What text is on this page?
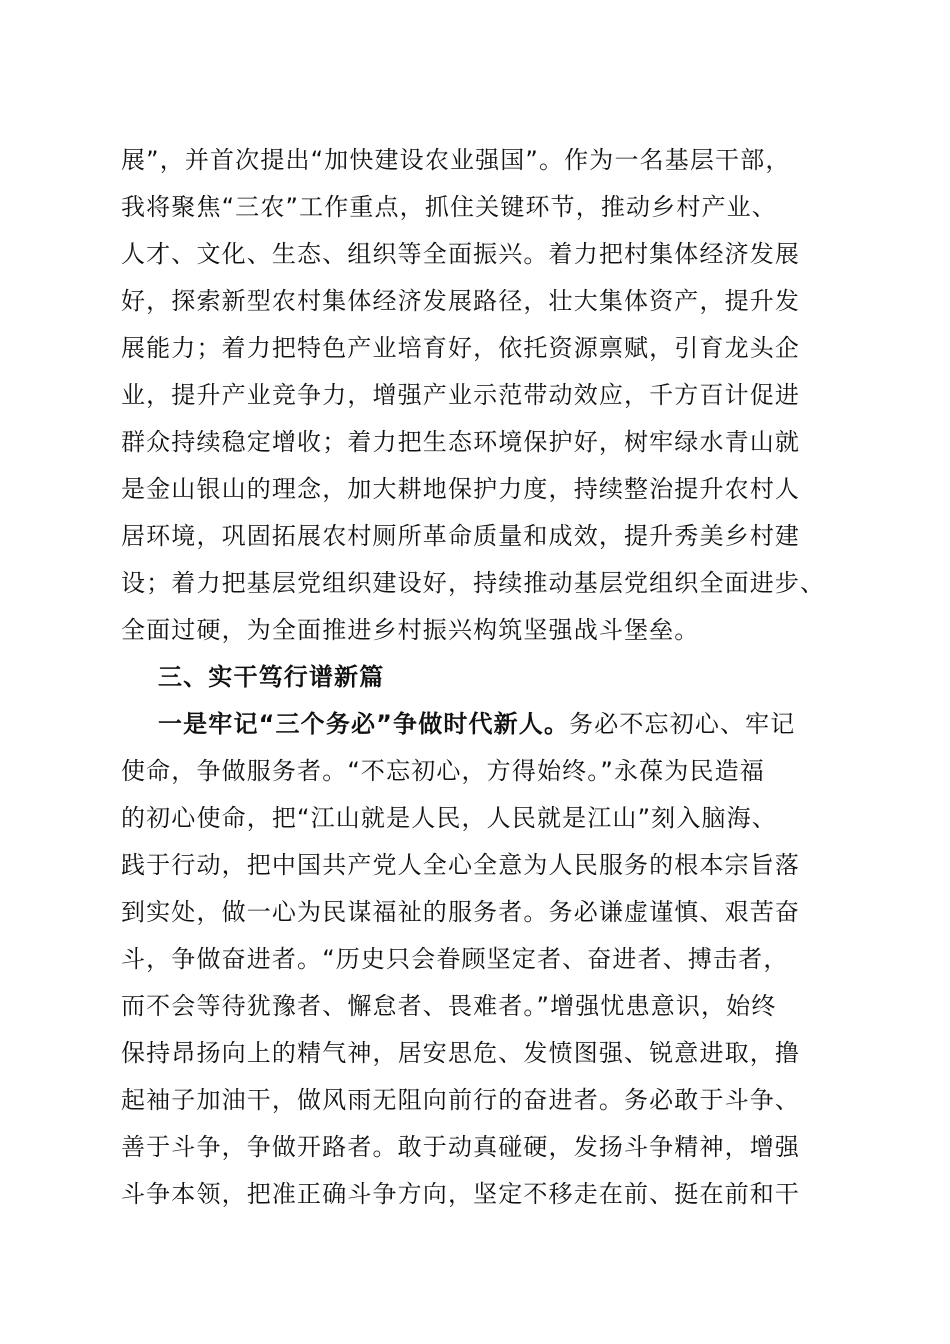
展”，并首次提出“加快建设农业强国”。作为一名基层干部，
我将聚焦“三农”工作重点，抓住关键环节，推动乡村产业、
人才、文化、生态、组织等全面振兴。着力把村集体经济发展
好，探索新型农村集体经济发展路径，壮大集体资产，提升发
展能力；着力把特色产业培育好，依托资源禀赋，引育龙头企
业，提升产业竞争力，增强产业示范带动效应，千方百计促进
群众持续稳定增收；着力把生态环境保护好，树牢绿水青山就
是金山银山的理念，加大耕地保护力度，持续整治提升农村人
居环境，巩固拓展农村厕所革命质量和成效，提升秀美乡村建
设；着力把基层党组织建设好，持续推动基层党组织全面进步、
全面过硬，为全面推进乡村振兴构筑坚强战斗堡垒。
三、实干笃行谱新篇
一是牢记“三个务必”争做时代新人。务必不忘初心、牢记
使命，争做服务者。“不忘初心，方得始终。”永葆为民造福
的初心使命，把“江山就是人民，人民就是江山”刻入脑海、
践于行动，把中国共产党人全心全意为人民服务的根本宗旨落
到实处，做一心为民谋福祉的服务者。务必谦虚谨慎、艰苦奋
斗，争做奋进者。“历史只会眷顾坚定者、奋进者、搏击者，
而不会等待犹豫者、懈怠者、畏难者。”增强忧患意识，始终
保持昂扬向上的精气神，居安思危、发愤图强、锐意进取，撸
起袖子加油干，做风雨无阻向前行的奋进者。务必敢于斗争、
善于斗争，争做开路者。敢于动真碰硬，发扬斗争精神，增强
斗争本领，把准正确斗争方向，坚定不移走在前、挺在前和干
